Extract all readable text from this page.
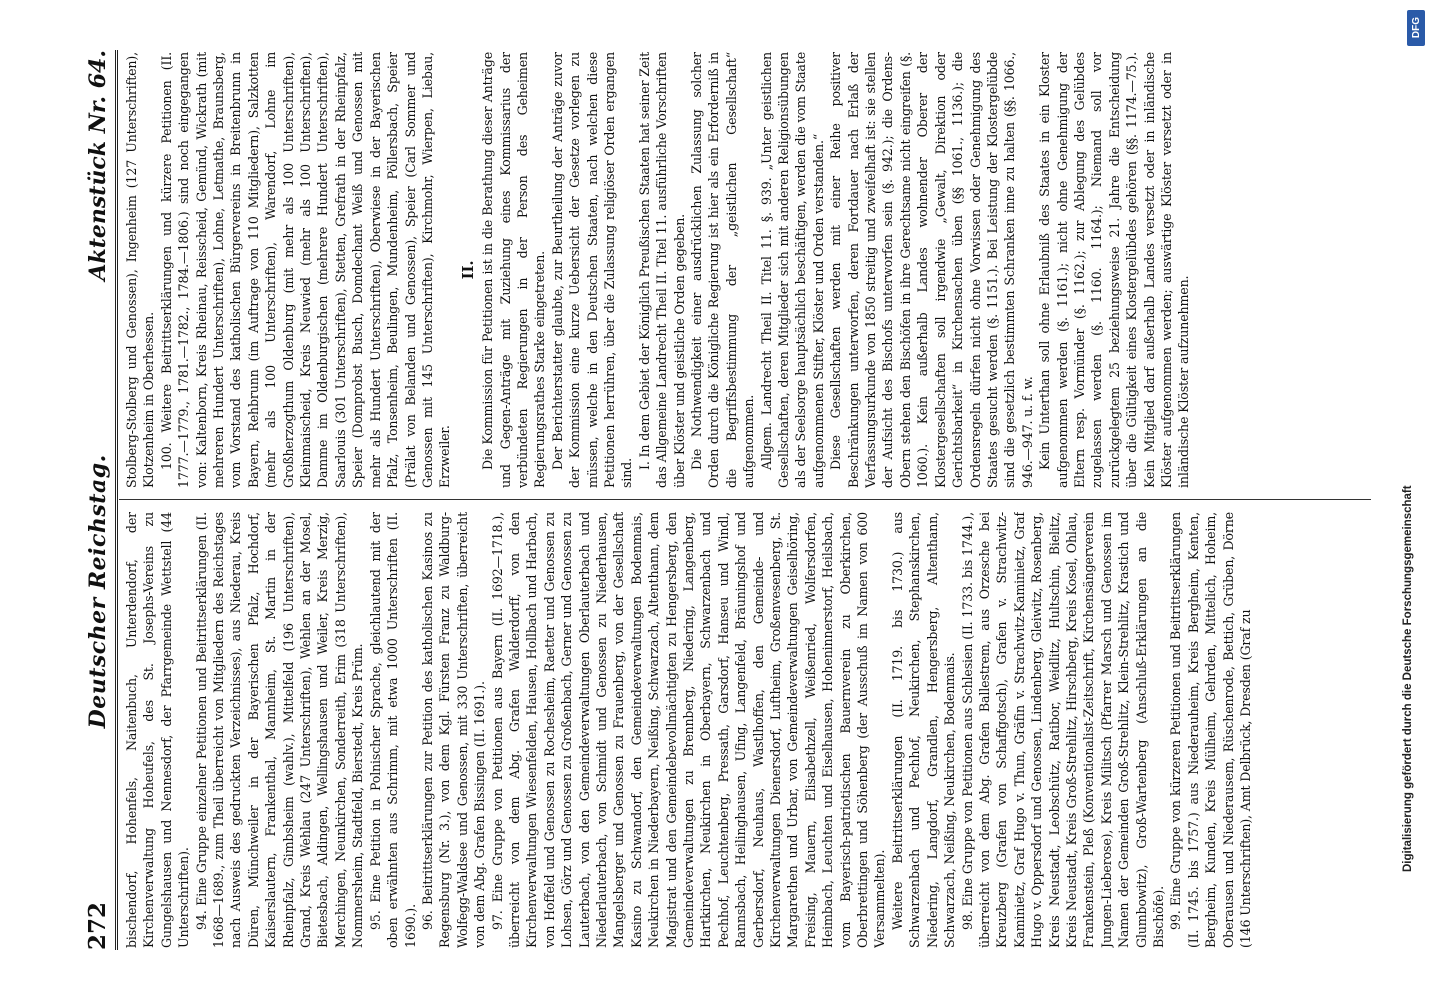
272
Deutscher Reichstag.
Aktenstück Nr. 64.

bischendorf, Hohenfels, Naitenbuch, Unterdendorf, der Kirchenverwaltung Hoheufels, des St. Josephs-Vereins zu Gungelshausen und Nennesdorf, der Pfarrgemeinde Wettstell (44 Unterschriften). 94. Eine Gruppe einzelner Petitionen und Beitrittserklärungen (II. 1668—1689., zum Theil überreicht von Mitgliedern des Reichstages nach Ausweis des gedruckten Verzeichnisses), aus Niederau, Kreis Düren, Münchweiler in der Bayerischen Pfalz, Hochdorf, Kaiserslautern, Frankenthal, Mannheim, St. Martin in der Rheinpfalz, Gimbsheim (wahlv.), Mittelfeld (196 Unterschriften), Grand, Kreis Wehlau (247 Unterschriften), Wehlen an der Mosel, Bietesbach, Aldingen, Wellingshausen und Weiler, Kreis Merzig, Merchingen, Neunkirchen, Sonderreith, Erim (318 Unterschriften), Nommersheim, Stadtfeld, Bierstedt, Kreis Prüm. 95. Eine Petition in Polnischer Sprache, gleichlautend mit der oben erwähnten aus Schrimm, mit etwa 1000 Unterschriften (II. 1690.). 96. Beitrittserklärungen zur Petition des katholischen Kasinos zu Regensburg (Nr. 3.), von dem Kgl. Fürsten Franz zu Waldburg-Wolfegg-Waldsee und Genossen, mit 330 Unterschriften, überreicht von dem Abg. Grafen Bissingen (II. 1691.). 97. Eine Gruppe von Petitionen aus Bayern (II. 1692—1718.), überreicht von dem Abg. Grafen Walderdorff, von den Kirchenverwaltungen Wiesenfelden, Hausen, Hollbach und Harbach, von Hoffeld und Genossen zu Rochesheim, Raetter und Genossen zu Lohsen, Görz und Genossen zu Großenbach, Gerner und Genossen zu Lauterbach, von den Gemeindeverwaltungen Oberlauterbach und Niederlauterbach, von Schmidt und Genossen zu Niederhausen, Mangelsberger und Genossen zu Frauenberg, von der Gesellschaft Kasino zu Schwandorf, den Gemeindeverwaltungen Bodenmais, Neukirchen in Niederbayern, Neißing, Schwarzach, Altenthann, dem Magistrat und den Gemeindebevollmächtigten zu Hengersberg, den Gemeindeverwaltungen zu Brennberg, Niedering, Langenberg, Hartkirchen, Neukirchen in Oberbayern, Schwarzenbach und Pechhof, Leuchtenberg, Pressath, Garsdorf, Hanseu und Windl, Rannsbach, Heilinghausen, Ufing, Langenfeld, Bräuningshof und Gerbersdorf, Neuhaus, Wastlhoffen, den Gemeinde- und Kirchenverwaltungen Dienersdorf, Luftheim, Großenvesenberg, St. Margarethen und Urbar, von Gemeindeverwaltungen Geiselhöring, Freising, Mauern, Elisabethzell, Weißenried, Wolfersdorfen, Heimbach, Leuchten und Eiselhausen, Hoheninnerstorf, Heilsbach, vom Bayerisch-patriotischen Bauernverein zu Oberkirchen, Oberbrettingen und Söhenberg (der Ausschuß im Namen von 600 Versammelten). Weitere Beitrittserklärungen (II. 1719. bis 1730.) aus Schwarzenbach und Pechhof, Neukirchen, Stephanskirchen, Niedering, Langdorf, Grandlen, Hengersberg, Altenthann, Schwarzach, Neißing, Neukirchen, Bodenmais. 98. Eine Gruppe von Petitionen aus Schlesien (II. 1733. bis 1744.), überreicht von dem Abg. Grafen Ballestrem, aus Orzesche bei Kreuzberg (Grafen von Schaffgotsch), Grafen v. Strachwitz-Kaminietz, Graf Hugo v. Thun, Gräfin v. Strachwitz-Kaminietz, Graf Hugo v. Oppersdorf und Genossen, Lindenberg, Gleiwitz, Rosenberg, Kreis Neustadt, Leobschütz, Ratibor, Weidlitz, Hultschin, Bielitz, Kreis Neustadt, Kreis Groß-Strehlitz, Hirschberg, Kreis Kosel, Ohlau, Frankenstein, Pleß (Konventionalist-Zeitschrift, Kirchensängerverein Jungen-Lieberose), Kreis Militsch (Pfarrer Marsch und Genossen im Namen der Gemeinden Groß-Strehlitz, Klein-Strehlitz, Krastich und Glumbowitz), Groß-Wartenberg (Anschluß-Erklärungen an die Bischöfe). 99. Eine Gruppe von kürzeren Petitionen und Beitrittserklärungen (II. 1745. bis 1757.) aus Niederauheim, Kreis Bergheim, Kenten, Bergheim, Kunden, Kreis Mülheim, Gehrden, Mittelich, Hoheim, Oberausen und Niederausem, Rüschenrode, Bettich, Grüben, Dörne (146 Unterschriften), Amt Delbrück, Dresden (Graf zu

Stolberg-Stolberg und Genossen), Ingenheim (127 Unterschriften), Klotzenheim in Oberhessen. 100. Weitere Beitrittserklärungen und kürzere Petitionen (II. 1777.—1779., 1781.—1782., 1784.—1806.) sind noch eingegangen von: Kaltenborn, Kreis Rheinau, Reisscheid, Gemünd, Wickrath (mit mehreren Hundert Unterschriften), Lohne, Letmathe, Braunsberg, vom Vorstand des katholischen Bürgervereins in Breitenbrunn in Bayern, Rehbrunn (im Auftrage von 110 Mitgliedern), Salzkotten (mehr als 100 Unterschriften), Warendorf, Lohne im Großherzogthum Oldenburg (mit mehr als 100 Unterschriften), Kleinmaischeid, Kreis Neuwied (mehr als 100 Unterschriften), Damme im Oldenburgischen (mehrere Hundert Unterschriften), Saarlouis (301 Unterschriften), Stetten, Grefrath in der Rheinpfalz, Speier (Domprobst Busch, Domdechant Weiß und Genossen mit mehr als Hundert Unterschriften), Oberwiese in der Bayerischen Pfalz, Tonsenheim, Beulingen, Mundenheim, Pöllersbach, Speier (Prälat von Belanden und Genossen), Speier (Carl Sommer und Genossen mit 145 Unterschriften), Kirchmohr, Wierpen, Liebau, Erzweiler.

II. Die Kommission für Petitionen ist in die Berathung dieser Anträge und Gegen-Anträge mit Zuziehung eines Kommissarius der verbündeten Regierungen in der Person des Geheimen Regierungsrathes Starke eingetreten. Der Berichterstatter glaubte, zur Beurtheilung der Anträge zuvor der Kommission eine kurze Uebersicht der Gesetze vorlegen zu müssen, welche in den Deutschen Staaten, nach welchen diese Petitionen herrühren, über die Zulassung religiöser Orden ergangen sind.

I. In dem Gebiet der Königlich Preußischen Staaten hat seiner Zeit das Allgemeine Landrecht Theil II. Titel 11. ausführliche Vorschriften über Klöster und geistliche Orden gegeben. Die Nothwendigkeit einer ausdrücklichen Zulassung solcher Orden durch die Königliche Regierung ist hier als ein Erforderniß in die Begriffsbestimmung der „geistlichen Gesellschaft“ aufgenommen. Allgem. Landrecht Theil II. Titel 11. §. 939. „Unter geistlichen Gesellschaften, deren Mitglieder sich mit anderen Religionsübungen als der Seelsorge hauptsächlich beschäftigen, werden die vom Staate aufgenommenen Stifter, Klöster und Orden verstanden.“ Diese Gesellschaften werden mit einer Reihe positiver Beschränkungen unterworfen, deren Fortdauer nach Erlaß der Verfassungsurkunde von 1850 streitig und zweifelhaft ist: sie stellen der Aufsicht des Bischofs unterworfen sein (§. 942.); die Ordens-Obern stehen den Bischöfen in ihre Gerechtsame nicht eingreifen (§. 1060.). Kein außerhalb Landes wohnender Oberer der Klostergesellschaften soll irgendwie „Gewalt, Direktion oder Gerichtsbarkeit“ in Kirchensachen üben (§§ 1061., 1136.); die Ordensregeln dürfen nicht ohne Vorwissen oder Genehmigung des Staates gesucht werden (§. 1151.). Bei Leistung der Klostergelübde sind die gesetzlich bestimmten Schranken inne zu halten (§§. 1066., 946.—947. u. f. w. Kein Unterthan soll ohne Erlaubniß des Staates in ein Kloster aufgenommen werden (§. 1161.); nicht ohne Genehmigung der Eltern resp. Vormünder (§. 1162.); zur Ablegung des Gelübdes zugelassen werden (§. 1160. 1164.); Niemand soll vor zurückgelegtem 25 beziehungsweise 21. Jahre die Entscheidung über die Gültigkeit eines Klostergelübdes gehören (§§. 1174.—75.). Kein Mitglied darf außerhalb Landes versetzt oder in inländische Klöster aufgenommen werden; auswärtige Klöster versetzt oder in inländische Klöster aufzunehmen.

DFG
Digitalisierung gefördert durch die Deutsche Forschungsgemeinschaft
